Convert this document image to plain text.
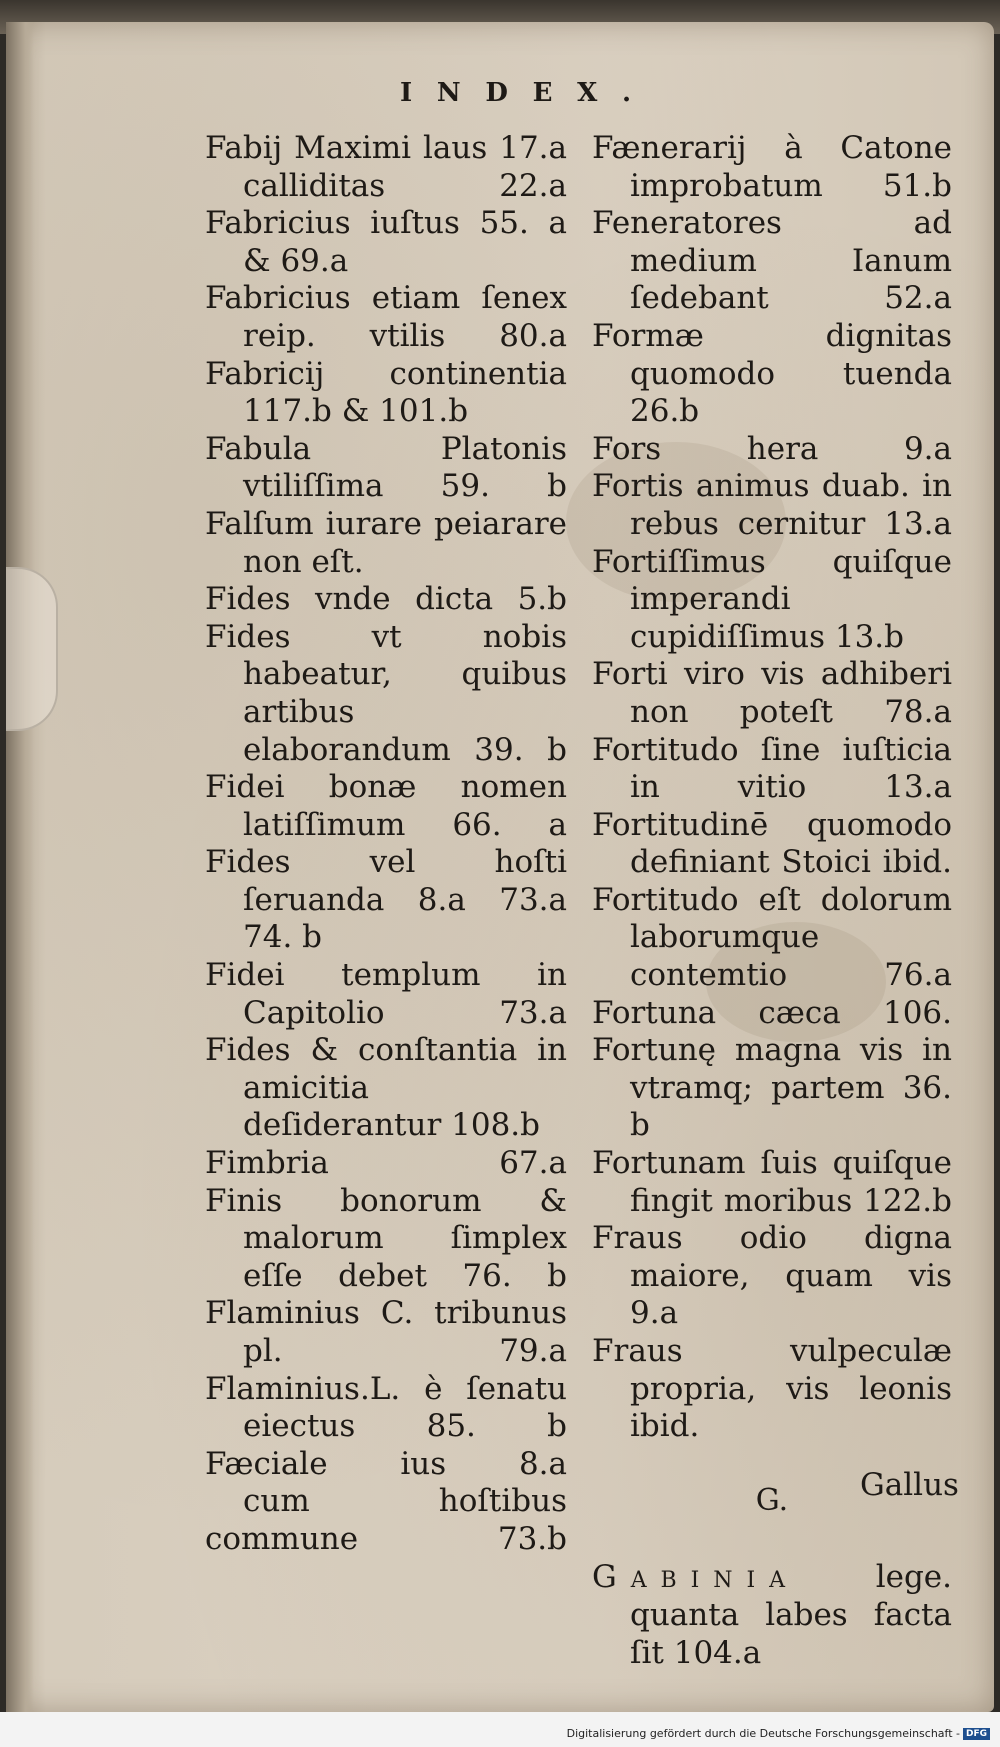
INDEX.
Fabij Maximi laus 17.a
calliditas	22.a
Fabricius iuſtus 55. a & 69.a
Fabricius etiam ſenex reip. vtilis 80.a
Fabricij continentia 117.b & 101.b
Fabula Platonis vtiliſſima 59. b
Falſum iurare peiarare non eſt.
Fides vnde dicta 5.b
Fides vt nobis habeatur, quibus artibus elaborandum 39. b
Fidei bonæ nomen latiſſimum 66. a
Fides vel hoſti ſeruanda 8.a 73.a 74. b
Fidei templum in Capitolio	73.a
Fides & conſtantia in amicitia deſiderantur 108.b
Fimbria	67.a
Finis bonorum & malorum ſimplex eſſe debet 76. b
Flaminius C. tribunus pl.	79.a
Flaminius.L. è ſenatu eiectus 85. b
Fæciale ius 8.a
cum hoſtibus commune	73.b
Fænerarij à Catone improbatum 51.b
Feneratores ad medium Ianum ſedebant	52.a
Formæ dignitas quomodo tuenda 26.b
Fors hera	9.a
Fortis animus duab. in rebus cernitur 13.a
Fortiſſimus quiſque imperandi cupidiſſimus 13.b
Forti viro vis adhiberi non poteſt 78.a
Fortitudo ſine iuſticia in vitio	13.a
Fortitudinē quomodo definiant Stoici ibid.
Fortitudo eſt dolorum laborumque contemtio	76.a
Fortuna cæca 106.
Fortunę magna vis in vtramq; partem 36. b
Fortunam ſuis quiſque fingit moribus 122.b
Fraus odio digna maiore, quam vis 9.a
Fraus vulpeculæ propria, vis leonis ibid.
G.
Gabinia lege. quanta labes facta ſit 104.a
Gallus
Digitalisierung gefördert durch die Deutsche Forschungsgemeinschaft - DFG
